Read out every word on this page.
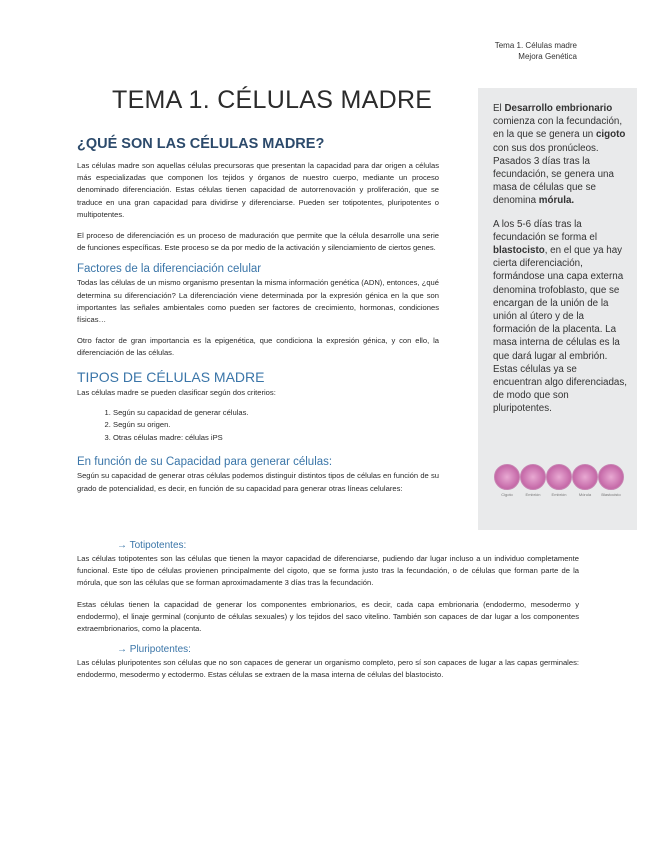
Tema 1. Células madre
Mejora Genética
TEMA 1. CÉLULAS MADRE
¿QUÉ SON LAS CÉLULAS MADRE?

Las células madre son aquellas células precursoras que presentan la capacidad para dar origen a células más especializadas que componen los tejidos y órganos de nuestro cuerpo, mediante un proceso denominado diferenciación. Estas células tienen capacidad de autorrenovación y proliferación, que se traduce en una gran capacidad para dividirse y diferenciarse. Pueden ser totipotentes, pluripotentes o multipotentes.

El proceso de diferenciación es un proceso de maduración que permite que la célula desarrolle una serie de funciones específicas. Este proceso se da por medio de la activación y silenciamiento de ciertos genes.

Factores de la diferenciación celular

Todas las células de un mismo organismo presentan la misma información genética (ADN), entonces, ¿qué determina su diferenciación? La diferenciación viene determinada por la expresión génica en la que son importantes las señales ambientales como pueden ser factores de crecimiento, hormonas, condiciones físicas…

Otro factor de gran importancia es la epigenética, que condiciona la expresión génica, y con ello, la diferenciación de las células.

TIPOS DE CÉLULAS MADRE

Las células madre se pueden clasificar según dos criterios:

1. Según su capacidad de generar células.
2. Según su origen.
3. Otras células madre: células iPS
En función de su Capacidad para generar células:

Según su capacidad de generar otras células podemos distinguir distintos tipos de células en función de su grado de potencialidad, es decir, en función de su capacidad para generar otras líneas celulares:

→ Totipotentes:

Las células totipotentes son las células que tienen la mayor capacidad de diferenciarse, pudiendo dar lugar incluso a un individuo completamente funcional. Este tipo de células provienen principalmente del cigoto, que se forma justo tras la fecundación, o de células que forman parte de la mórula, que son las células que se forman aproximadamente 3 días tras la fecundación.

Estas células tienen la capacidad de generar los componentes embrionarios, es decir, cada capa embrionaria (endodermo, mesodermo y endodermo), el linaje germinal (conjunto de células sexuales) y los tejidos del saco vitelino. También son capaces de dar lugar a los componentes extraembrionarios, como la placenta.

→ Pluripotentes:

Las células pluripotentes son células que no son capaces de generar un organismo completo, pero sí son capaces de lugar a las capas germinales: endodermo, mesodermo y ectodermo. Estas células se extraen de la masa interna de células del blastocisto.

El Desarrollo embrionario comienza con la fecundación, en la que se genera un cigoto con sus dos pronúcleos. Pasados 3 días tras la fecundación, se genera una masa de células que se denomina mórula.

A los 5-6 días tras la fecundación se forma el blastocisto, en el que ya hay cierta diferenciación, formándose una capa externa denomina trofoblasto, que se encargan de la unión de la unión al útero y de la formación de la placenta. La masa interna de células es la que dará lugar al embrión. Estas células ya se encuentran algo diferenciadas, de modo que son pluripotentes.

Cigoto	Embrión	Embrión	Mórula	Blastocisto
